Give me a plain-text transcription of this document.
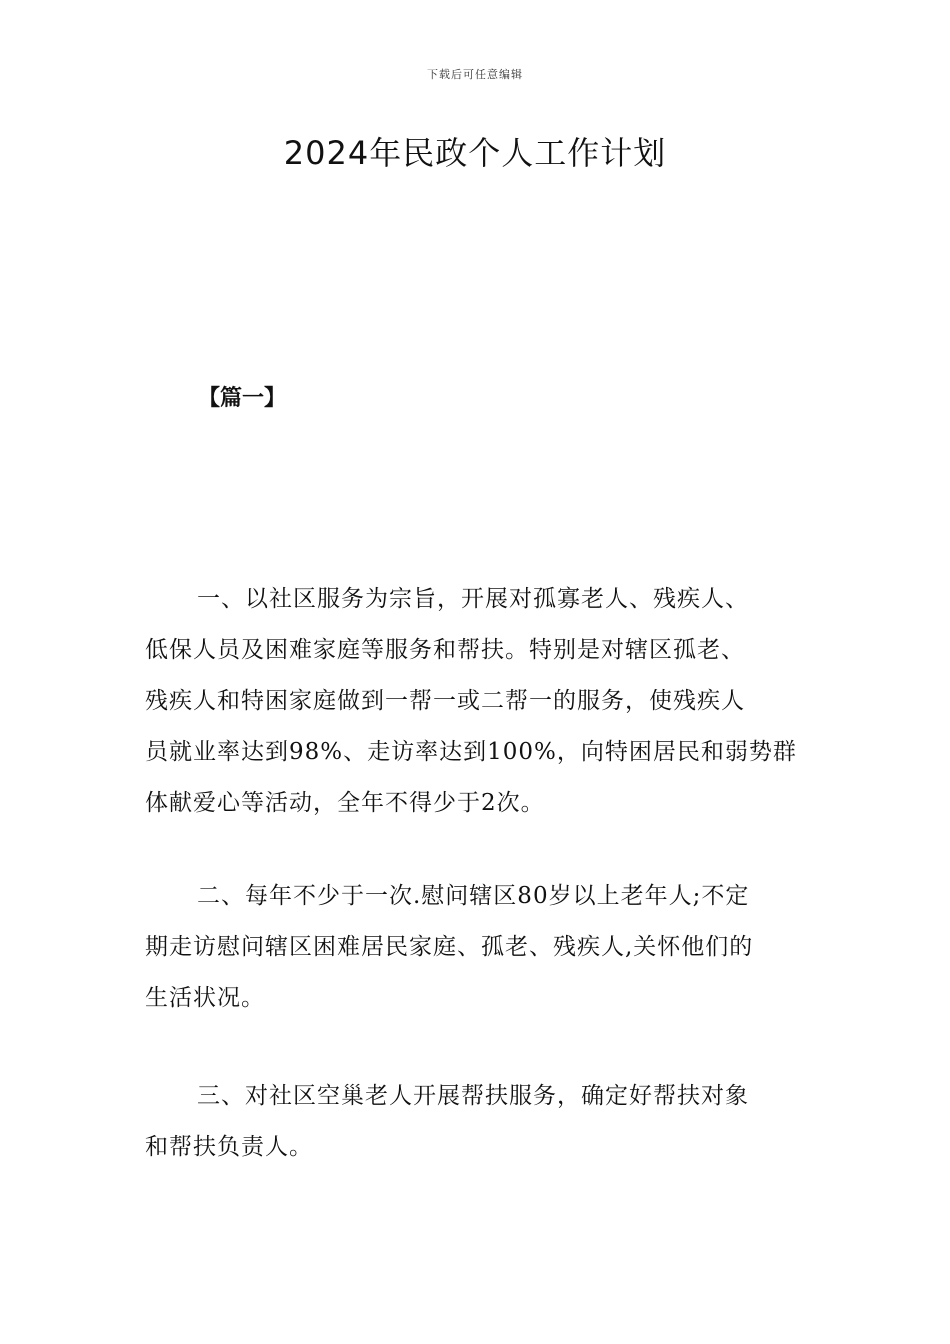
下载后可任意编辑
2024年民政个人工作计划
【篇一】

一、以社区服务为宗旨，开展对孤寡老人、残疾人、
低保人员及困难家庭等服务和帮扶。特别是对辖区孤老、
残疾人和特困家庭做到一帮一或二帮一的服务，使残疾人
员就业率达到98%、走访率达到100%，向特困居民和弱势群
体献爱心等活动，全年不得少于2次。

二、每年不少于一次.慰问辖区80岁以上老年人;不定
期走访慰问辖区困难居民家庭、孤老、残疾人,关怀他们的
生活状况。

三、对社区空巢老人开展帮扶服务，确定好帮扶对象
和帮扶负责人。
